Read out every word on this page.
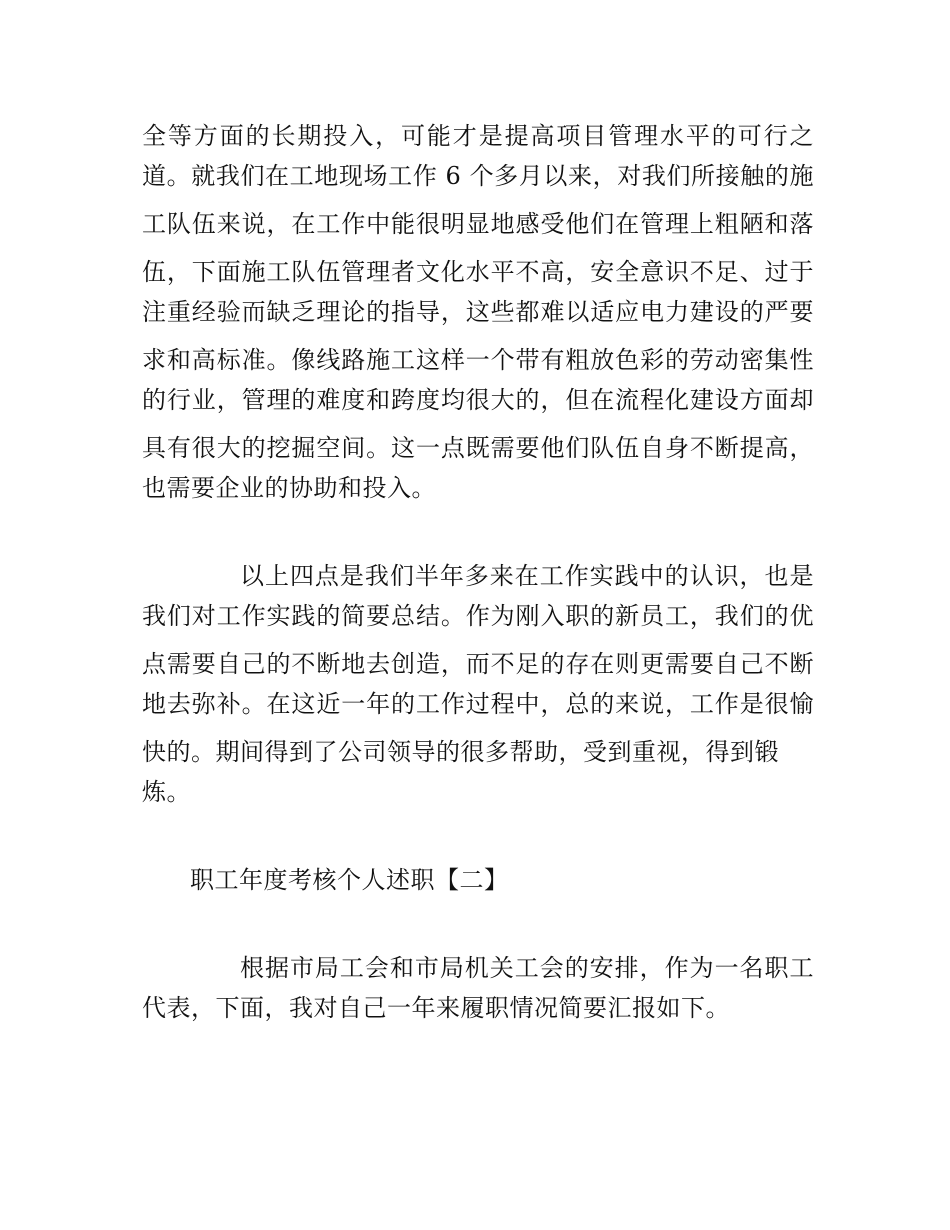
全等方面的长期投入，可能才是提高项目管理水平的可行之
道。就我们在工地现场工作 6 个多月以来，对我们所接触的施
工队伍来说，在工作中能很明显地感受他们在管理上粗陋和落
伍，下面施工队伍管理者文化水平不高，安全意识不足、过于
注重经验而缺乏理论的指导，这些都难以适应电力建设的严要
求和高标准。像线路施工这样一个带有粗放色彩的劳动密集性
的行业，管理的难度和跨度均很大的，但在流程化建设方面却
具有很大的挖掘空间。这一点既需要他们队伍自身不断提高，
也需要企业的协助和投入。
以上四点是我们半年多来在工作实践中的认识，也是
我们对工作实践的简要总结。作为刚入职的新员工，我们的优
点需要自己的不断地去创造，而不足的存在则更需要自己不断
地去弥补。在这近一年的工作过程中，总的来说，工作是很愉
快的。期间得到了公司领导的很多帮助，受到重视，得到锻
炼。
职工年度考核个人述职【二】
根据市局工会和市局机关工会的安排，作为一名职工
代表，下面，我对自己一年来履职情况简要汇报如下。
